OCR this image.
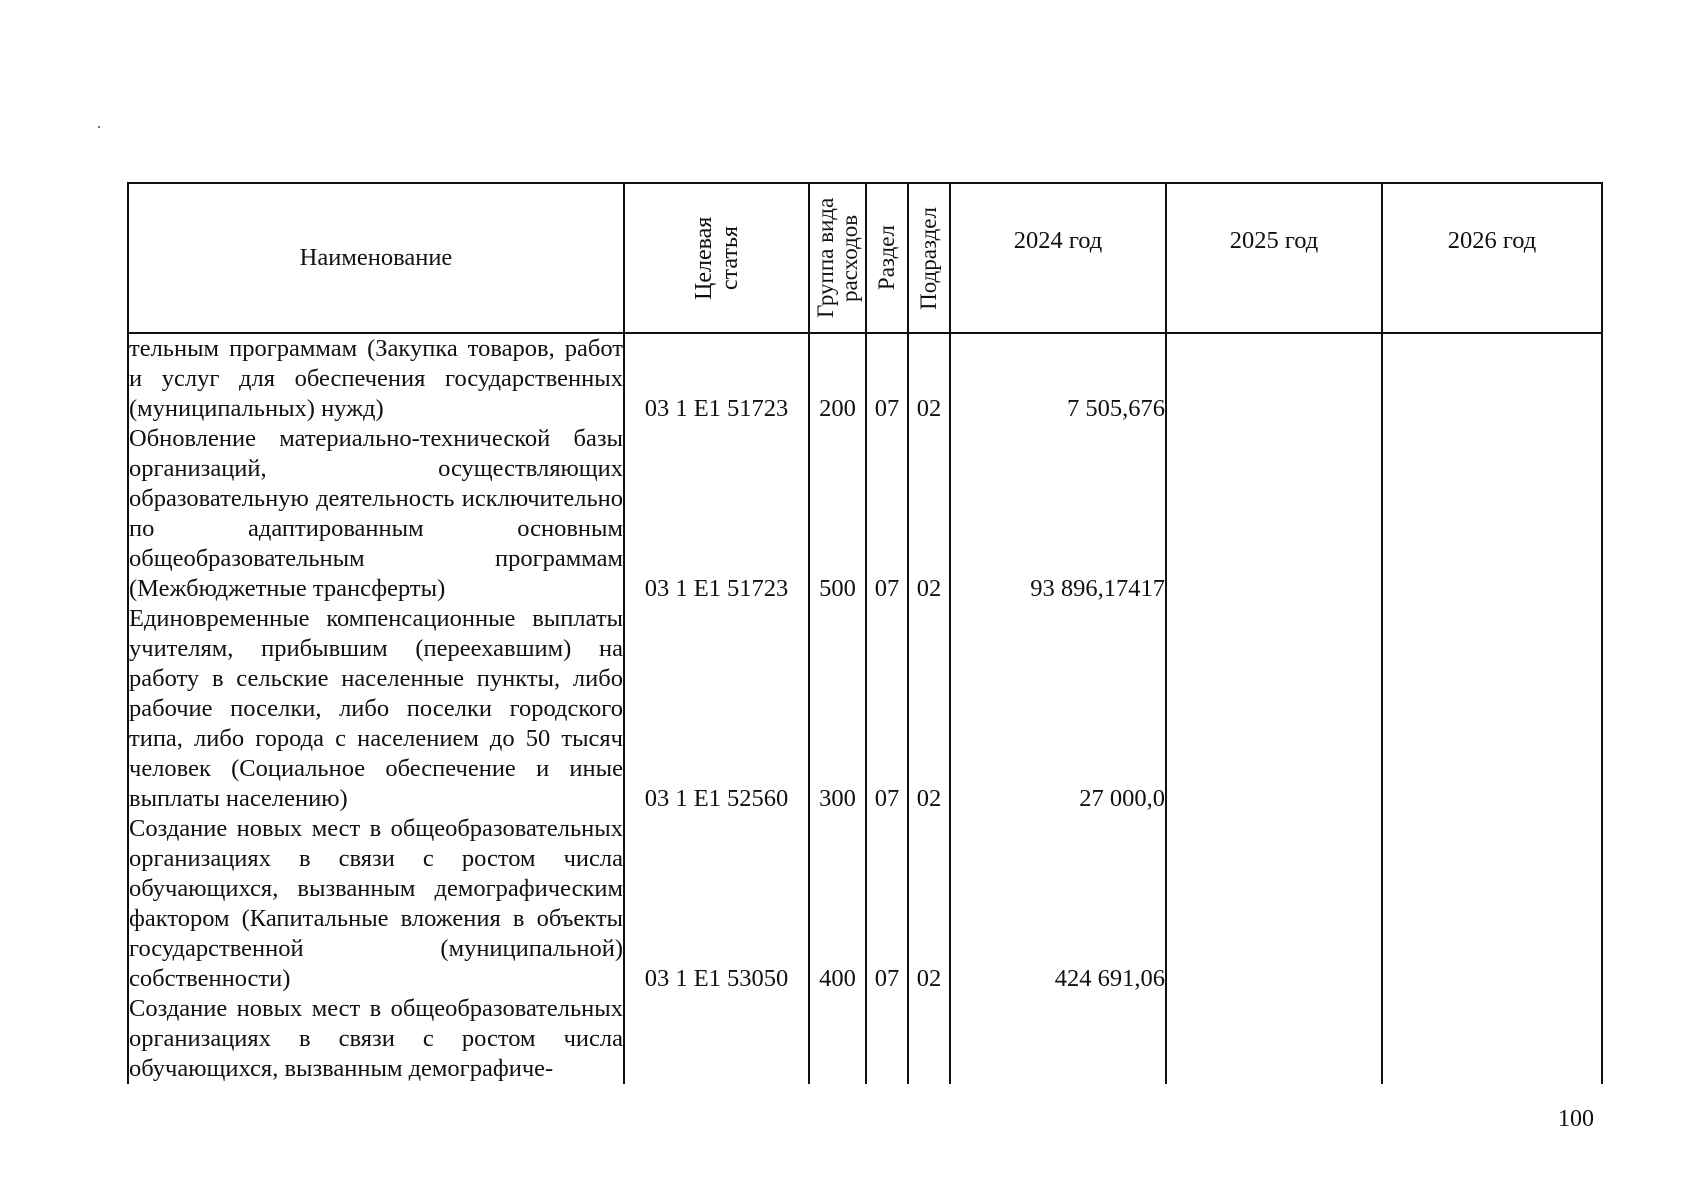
Наименование	Целевая статья	Группа вида расходов	Раздел	Подраздел	2024 год	2025 год	2026 год

тельным программам (Закупка товаров, работ и услуг для обеспечения государственных (муниципальных) нужд)	03 1 E1 51723	200	07	02	7 505,676		
Обновление материально-технической базы организаций, осуществляющих образовательную деятельность исключительно по адаптированным основным общеобразовательным программам (Межбюджетные трансферты)	03 1 E1 51723	500	07	02	93 896,17417		
Единовременные компенсационные выплаты учителям, прибывшим (переехавшим) на работу в сельские населенные пункты, либо рабочие поселки, либо поселки городского типа, либо города с населением до 50 тысяч человек (Социальное обеспечение и иные выплаты населению)	03 1 E1 52560	300	07	02	27 000,0		
Создание новых мест в общеобразовательных организациях в связи с ростом числа обучающихся, вызванным демографическим фактором (Капитальные вложения в объекты государственной (муниципальной) собственности)	03 1 E1 53050	400	07	02	424 691,06		
Создание новых мест в общеобразовательных организациях в связи с ростом числа обучающихся, вызванным демографиче-							
100
